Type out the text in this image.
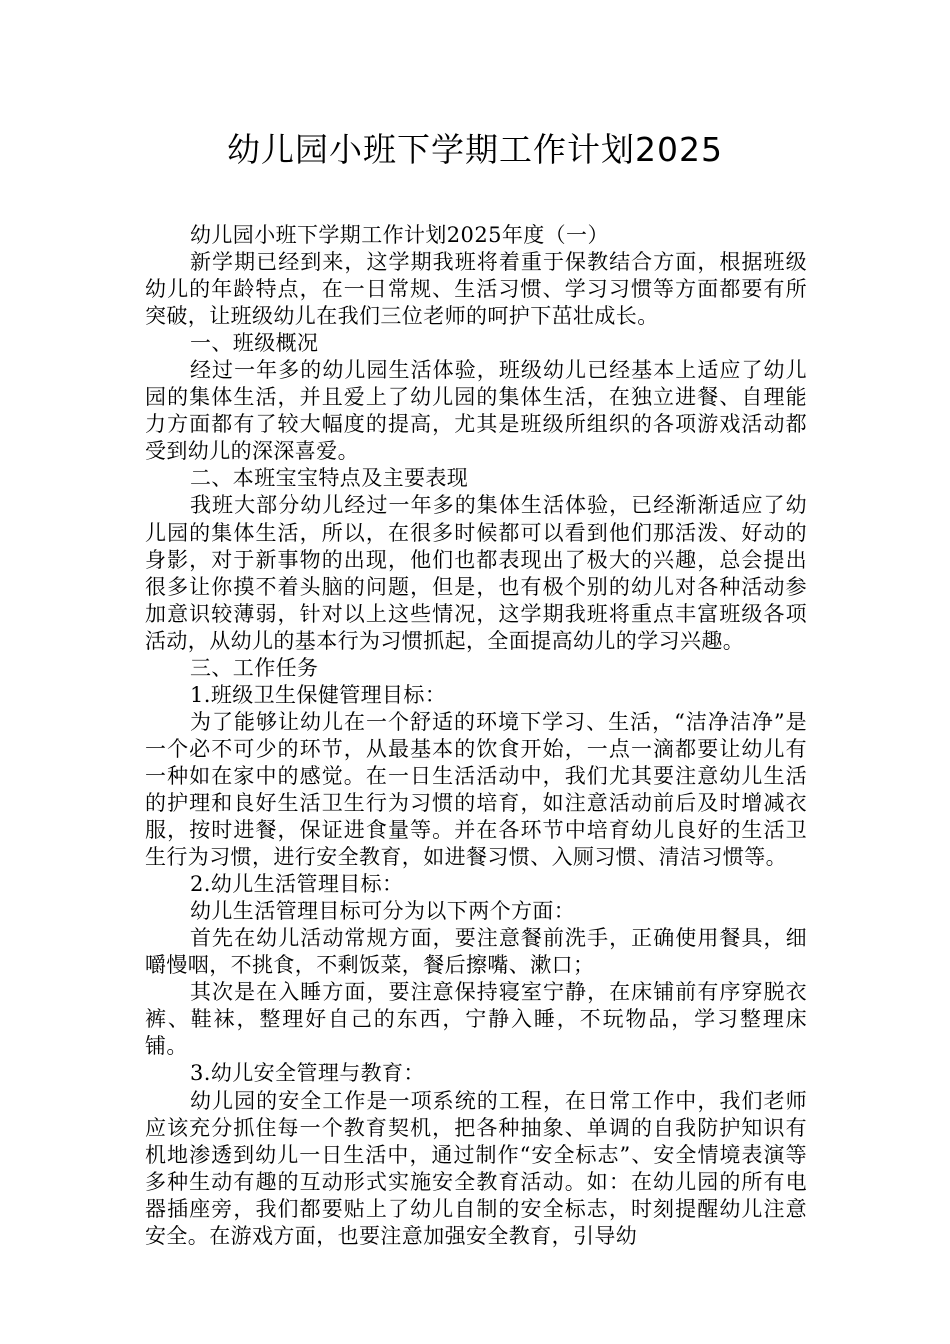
幼儿园小班下学期工作计划2025

幼儿园小班下学期工作计划2025年度（一）

新学期已经到来，这学期我班将着重于保教结合方面，根据班级幼儿的年龄特点，在一日常规、生活习惯、学习习惯等方面都要有所突破，让班级幼儿在我们三位老师的呵护下茁壮成长。

一、班级概况

经过一年多的幼儿园生活体验，班级幼儿已经基本上适应了幼儿园的集体生活，并且爱上了幼儿园的集体生活，在独立进餐、自理能力方面都有了较大幅度的提高，尤其是班级所组织的各项游戏活动都受到幼儿的深深喜爱。

二、本班宝宝特点及主要表现

我班大部分幼儿经过一年多的集体生活体验，已经渐渐适应了幼儿园的集体生活，所以，在很多时候都可以看到他们那活泼、好动的身影，对于新事物的出现，他们也都表现出了极大的兴趣，总会提出很多让你摸不着头脑的问题，但是，也有极个别的幼儿对各种活动参加意识较薄弱，针对以上这些情况，这学期我班将重点丰富班级各项活动，从幼儿的基本行为习惯抓起，全面提高幼儿的学习兴趣。

三、工作任务

1.班级卫生保健管理目标：

为了能够让幼儿在一个舒适的环境下学习、生活，“洁净洁净”是一个必不可少的环节，从最基本的饮食开始，一点一滴都要让幼儿有一种如在家中的感觉。在一日生活活动中，我们尤其要注意幼儿生活的护理和良好生活卫生行为习惯的培育，如注意活动前后及时增减衣服，按时进餐，保证进食量等。并在各环节中培育幼儿良好的生活卫生行为习惯，进行安全教育，如进餐习惯、入厕习惯、清洁习惯等。

2.幼儿生活管理目标：

幼儿生活管理目标可分为以下两个方面：

首先在幼儿活动常规方面，要注意餐前洗手，正确使用餐具，细嚼慢咽，不挑食，不剩饭菜，餐后擦嘴、漱口；

其次是在入睡方面，要注意保持寝室宁静，在床铺前有序穿脱衣裤、鞋袜，整理好自己的东西，宁静入睡，不玩物品，学习整理床铺。

3.幼儿安全管理与教育：

幼儿园的安全工作是一项系统的工程，在日常工作中，我们老师应该充分抓住每一个教育契机，把各种抽象、单调的自我防护知识有机地渗透到幼儿一日生活中，通过制作“安全标志”、安全情境表演等多种生动有趣的互动形式实施安全教育活动。如：在幼儿园的所有电器插座旁，我们都要贴上了幼儿自制的安全标志，时刻提醒幼儿注意安全。在游戏方面，也要注意加强安全教育，引导幼
